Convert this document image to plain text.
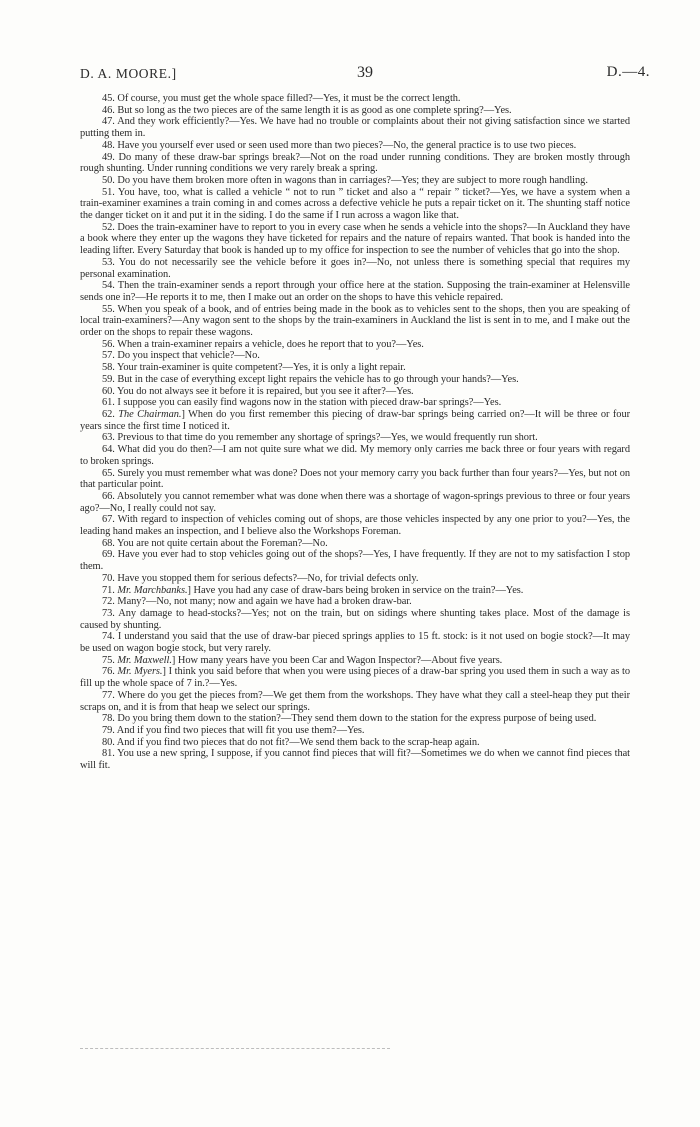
D. A. MOORE.]	39	D.—4.

45. Of course, you must get the whole space filled?—Yes, it must be the correct length.

46. But so long as the two pieces are of the same length it is as good as one complete spring?—Yes.

47. And they work efficiently?—Yes. We have had no trouble or complaints about their not giving satisfaction since we started putting them in.

48. Have you yourself ever used or seen used more than two pieces?—No, the general practice is to use two pieces.

49. Do many of these draw-bar springs break?—Not on the road under running conditions. They are broken mostly through rough shunting. Under running conditions we very rarely break a spring.

50. Do you have them broken more often in wagons than in carriages?—Yes; they are subject to more rough handling.

51. You have, too, what is called a vehicle “ not to run ” ticket and also a “ repair ” ticket?—Yes, we have a system when a train-examiner examines a train coming in and comes across a defective vehicle he puts a repair ticket on it. The shunting staff notice the danger ticket on it and put it in the siding. I do the same if I run across a wagon like that.

52. Does the train-examiner have to report to you in every case when he sends a vehicle into the shops?—In Auckland they have a book where they enter up the wagons they have ticketed for repairs and the nature of repairs wanted. That book is handed into the leading lifter. Every Saturday that book is handed up to my office for inspection to see the number of vehicles that go into the shop.

53. You do not necessarily see the vehicle before it goes in?—No, not unless there is something special that requires my personal examination.

54. Then the train-examiner sends a report through your office here at the station. Supposing the train-examiner at Helensville sends one in?—He reports it to me, then I make out an order on the shops to have this vehicle repaired.

55. When you speak of a book, and of entries being made in the book as to vehicles sent to the shops, then you are speaking of local train-examiners?—Any wagon sent to the shops by the train-examiners in Auckland the list is sent in to me, and I make out the order on the shops to repair these wagons.

56. When a train-examiner repairs a vehicle, does he report that to you?—Yes.

57. Do you inspect that vehicle?—No.

58. Your train-examiner is quite competent?—Yes, it is only a light repair.

59. But in the case of everything except light repairs the vehicle has to go through your hands?—Yes.

60. You do not always see it before it is repaired, but you see it after?—Yes.

61. I suppose you can easily find wagons now in the station with pieced draw-bar springs?—Yes.

62. The Chairman.] When do you first remember this piecing of draw-bar springs being carried on?—It will be three or four years since the first time I noticed it.

63. Previous to that time do you remember any shortage of springs?—Yes, we would frequently run short.

64. What did you do then?—I am not quite sure what we did. My memory only carries me back three or four years with regard to broken springs.

65. Surely you must remember what was done? Does not your memory carry you back further than four years?—Yes, but not on that particular point.

66. Absolutely you cannot remember what was done when there was a shortage of wagon-springs previous to three or four years ago?—No, I really could not say.

67. With regard to inspection of vehicles coming out of shops, are those vehicles inspected by any one prior to you?—Yes, the leading hand makes an inspection, and I believe also the Workshops Foreman.

68. You are not quite certain about the Foreman?—No.

69. Have you ever had to stop vehicles going out of the shops?—Yes, I have frequently. If they are not to my satisfaction I stop them.

70. Have you stopped them for serious defects?—No, for trivial defects only.

71. Mr. Marchbanks.] Have you had any case of draw-bars being broken in service on the train?—Yes.

72. Many?—No, not many; now and again we have had a broken draw-bar.

73. Any damage to head-stocks?—Yes; not on the train, but on sidings where shunting takes place. Most of the damage is caused by shunting.

74. I understand you said that the use of draw-bar pieced springs applies to 15 ft. stock: is it not used on bogie stock?—It may be used on wagon bogie stock, but very rarely.

75. Mr. Maxwell.] How many years have you been Car and Wagon Inspector?—About five years.

76. Mr. Myers.] I think you said before that when you were using pieces of a draw-bar spring you used them in such a way as to fill up the whole space of 7 in.?—Yes.

77. Where do you get the pieces from?—We get them from the workshops. They have what they call a steel-heap they put their scraps on, and it is from that heap we select our springs.

78. Do you bring them down to the station?—They send them down to the station for the express purpose of being used.

79. And if you find two pieces that will fit you use them?—Yes.

80. And if you find two pieces that do not fit?—We send them back to the scrap-heap again.

81. You use a new spring, I suppose, if you cannot find pieces that will fit?—Sometimes we do when we cannot find pieces that will fit.
